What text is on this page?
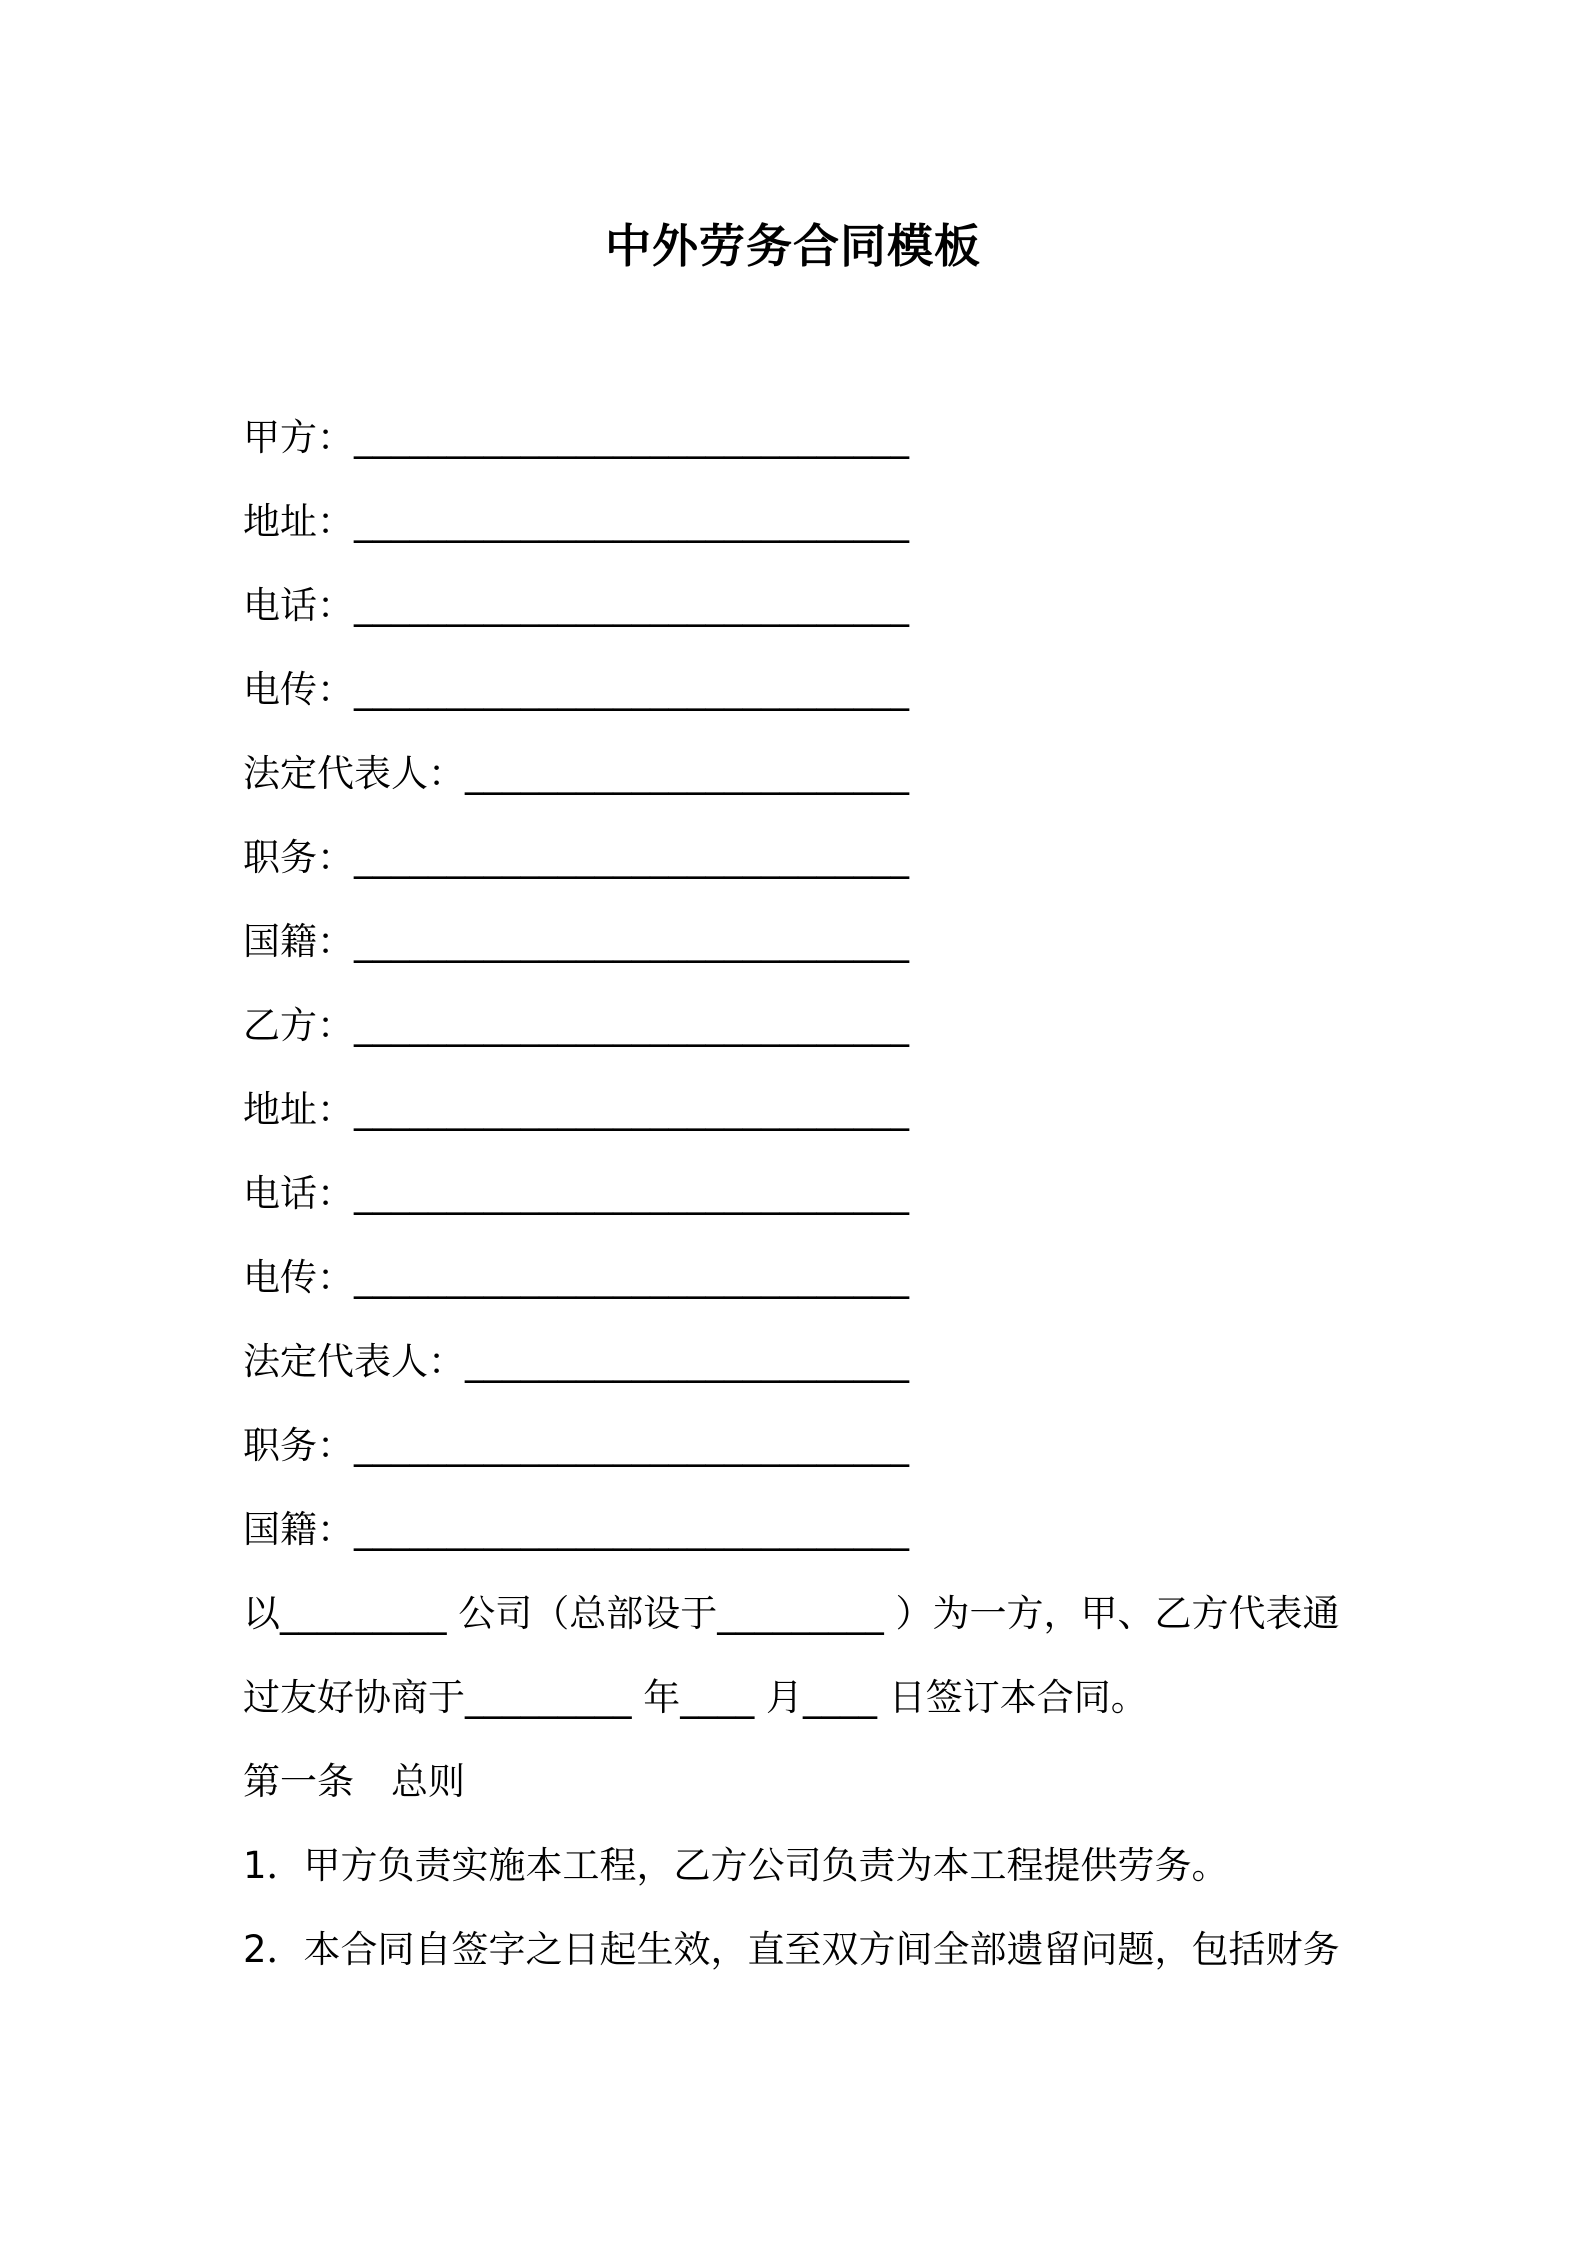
中外劳务合同模板
甲方：______________________________
地址：______________________________
电话：______________________________
电传：______________________________
法定代表人：________________________
职务：______________________________
国籍：______________________________
乙方：______________________________
地址：______________________________
电话：______________________________
电传：______________________________
法定代表人：________________________
职务：______________________________
国籍：______________________________
以_________ 公司（总部设于_________ ）为一方，甲、乙方代表通
过友好协商于_________ 年____ 月____ 日签订本合同。
第一条　总则
1．甲方负责实施本工程，乙方公司负责为本工程提供劳务。
2．本合同自签字之日起生效，直至双方间全部遗留问题，包括财务
